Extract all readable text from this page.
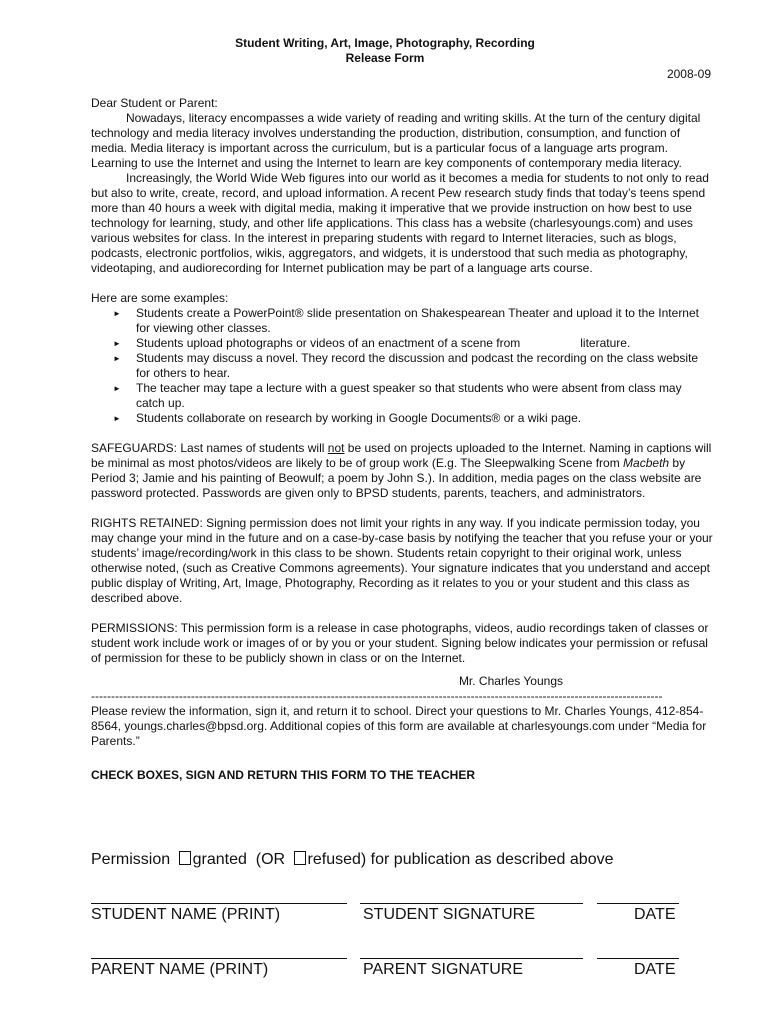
Student Writing, Art, Image, Photography, Recording
Release Form
2008-09

Dear Student or Parent:

Nowadays, literacy encompasses a wide variety of reading and writing skills. At the turn of the century digital technology and media literacy involves understanding the production, distribution, consumption, and function of media. Media literacy is important across the curriculum, but is a particular focus of a language arts program. Learning to use the Internet and using the Internet to learn are key components of contemporary media literacy.

Increasingly, the World Wide Web figures into our world as it becomes a media for students to not only to read but also to write, create, record, and upload information. A recent Pew research study finds that today’s teens spend more than 40 hours a week with digital media, making it imperative that we provide instruction on how best to use technology for learning, study, and other life applications. This class has a website (charlesyoungs.com) and uses various websites for class. In the interest in preparing students with regard to Internet literacies, such as blogs, podcasts, electronic portfolios, wikis, aggregators, and widgets, it is understood that such media as photography, videotaping, and audiorecording for Internet publication may be part of a language arts course.

Here are some examples:

► Students create a PowerPoint® slide presentation on Shakespearean Theater and upload it to the Internet for viewing other classes.
► Students upload photographs or videos of an enactment of a scene from                  literature.
► Students may discuss a novel. They record the discussion and podcast the recording on the class website for others to hear.
► The teacher may tape a lecture with a guest speaker so that students who were absent from class may catch up.
► Students collaborate on research by working in Google Documents® or a wiki page.

SAFEGUARDS: Last names of students will not be used on projects uploaded to the Internet. Naming in captions will be minimal as most photos/videos are likely to be of group work (E.g. The Sleepwalking Scene from Macbeth by Period 3; Jamie and his painting of Beowulf; a poem by John S.). In addition, media pages on the class website are password protected. Passwords are given only to BPSD students, parents, teachers, and administrators.

RIGHTS RETAINED: Signing permission does not limit your rights in any way. If you indicate permission today, you may change your mind in the future and on a case-by-case basis by notifying the teacher that you refuse your or your students’ image/recording/work in this class to be shown. Students retain copyright to their original work, unless otherwise noted, (such as Creative Commons agreements). Your signature indicates that you understand and accept public display of Writing, Art, Image, Photography, Recording as it relates to you or your student and this class as described above.

PERMISSIONS: This permission form is a release in case photographs, videos, audio recordings taken of classes or student work include work or images of or by you or your student. Signing below indicates your permission or refusal of permission for these to be publicly shown in class or on the Internet.

Mr. Charles Youngs

-----------------------------------------------------------------------------------------------------------------------------------------------

Please review the information, sign it, and return it to school. Direct your questions to Mr. Charles Youngs, 412-854-8564, youngs.charles@bpsd.org. Additional copies of this form are available at charlesyoungs.com under “Media for Parents.”

CHECK BOXES, SIGN AND RETURN THIS FORM TO THE TEACHER

Permission granted (OR refused) for publication as described above
STUDENT NAME (PRINT)	STUDENT SIGNATURE	DATE
PARENT NAME (PRINT)	PARENT SIGNATURE	DATE
